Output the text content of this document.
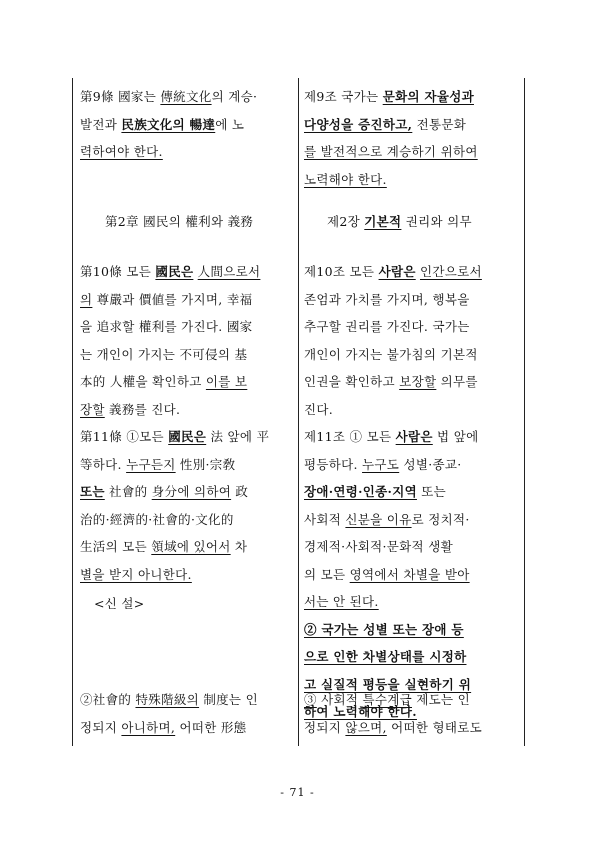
第9條 國家는 傳統文化의 계승·
발전과 民族文化의 暢達에 노
력하여야 한다.
第2章 國民의 權利와 義務
第10條 모든 國民은 人間으로서
의 尊嚴과 價値를 가지며, 幸福
을 追求할 權利를 가진다. 國家
는 개인이 가지는 不可侵의 基
本的 人權을 확인하고 이를 보
장할 義務를 진다.
第11條 ①모든 國民은 法 앞에 平
等하다. 누구든지 性別·宗敎
또는 社會的 身分에 의하여 政
治的·經濟的·社會的·文化的
生活의 모든 領域에 있어서 차
별을 받지 아니한다.
<신 설>
②社會的 特殊階級의 制度는 인
정되지 아니하며, 어떠한 形態
제9조 국가는 문화의 자율성과
다양성을 증진하고, 전통문화
를 발전적으로 계승하기 위하여
노력해야 한다.
제2장 기본적 권리와 의무
제10조 모든 사람은 인간으로서
존엄과 가치를 가지며, 행복을
추구할 권리를 가진다. 국가는
개인이 가지는 불가침의 기본적
인권을 확인하고 보장할 의무를
진다.
제11조 ① 모든 사람은 법 앞에
평등하다. 누구도 성별·종교·
장애·연령·인종·지역 또는
사회적 신분을 이유로 정치적·
경제적·사회적·문화적 생활
의 모든 영역에서 차별을 받아
서는 안 된다.
② 국가는 성별 또는 장애 등
으로 인한 차별상태를 시정하
고 실질적 평등을 실현하기 위
하여 노력해야 한다.
③ 사회적 특수계급 제도는 인
정되지 않으며, 어떠한 형태로도
- 71 -
